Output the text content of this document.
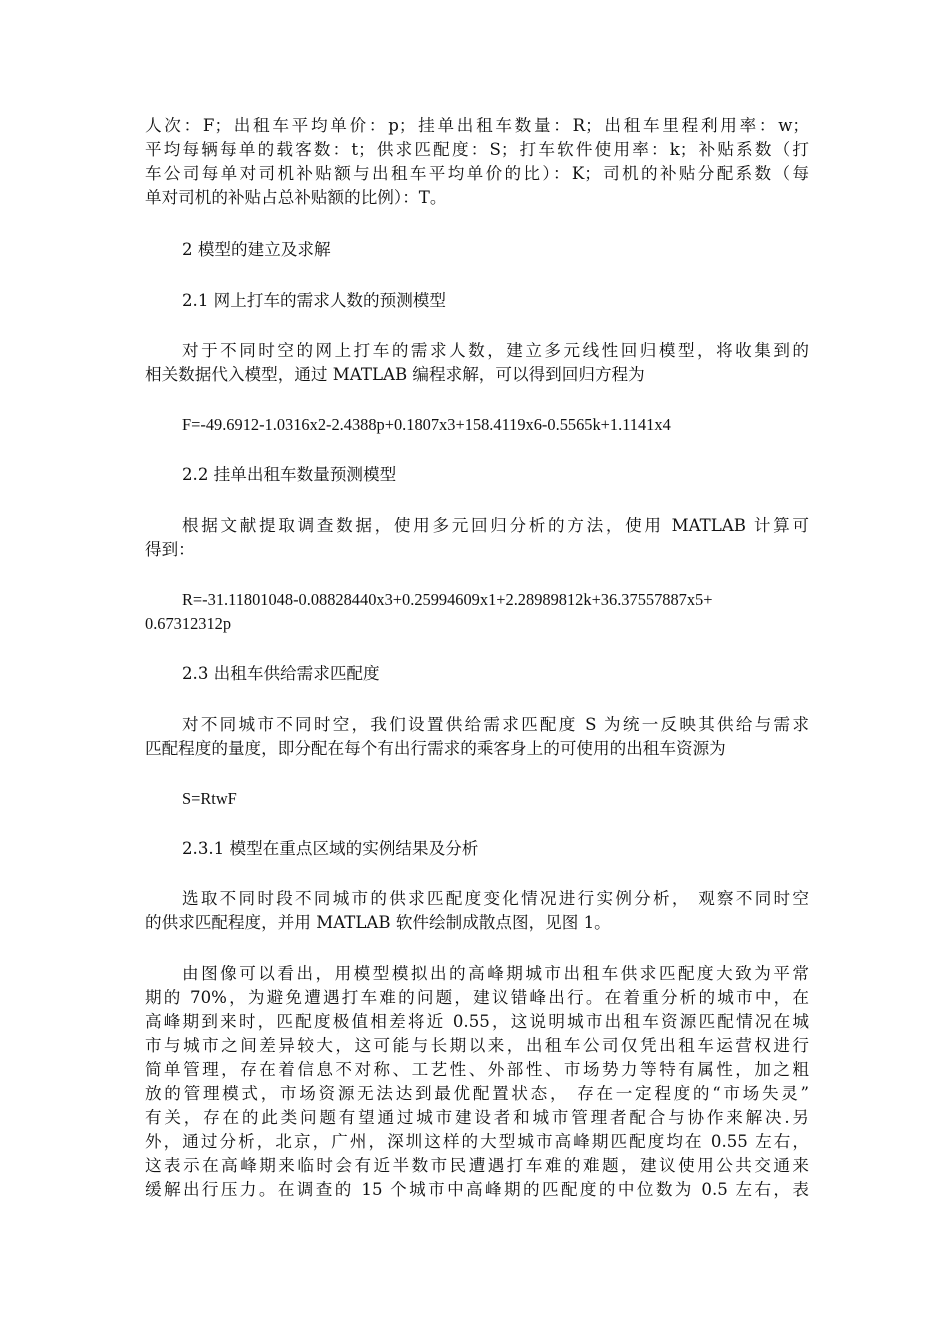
人次：F；出租车平均单价：p；挂单出租车数量：R；出租车里程利用率：w；
平均每辆每单的载客数：t；供求匹配度：S；打车软件使用率：k；补贴系数（打
车公司每单对司机补贴额与出租车平均单价的比）：K；司机的补贴分配系数（每
单对司机的补贴占总补贴额的比例）：T。
2 模型的建立及求解
2.1 网上打车的需求人数的预测模型
对于不同时空的网上打车的需求人数，建立多元线性回归模型，将收集到的
相关数据代入模型，通过 MATLAB 编程求解，可以得到回归方程为
F=-49.6912-1.0316x2-2.4388p+0.1807x3+158.4119x6-0.5565k+1.1141x4
2.2 挂单出租车数量预测模型
根据文献提取调查数据，使用多元回归分析的方法，使用 MATLAB 计算可
得到：
R=-31.11801048-0.08828440x3+0.25994609x1+2.28989812k+36.37557887x5+
0.67312312p
2.3 出租车供给需求匹配度
对不同城市不同时空，我们设置供给需求匹配度 S 为统一反映其供给与需求
匹配程度的量度，即分配在每个有出行需求的乘客身上的可使用的出租车资源为
S=RtwF
2.3.1 模型在重点区域的实例结果及分析
选取不同时段不同城市的供求匹配度变化情况进行实例分析， 观察不同时空
的供求匹配程度，并用 MATLAB 软件绘制成散点图，见图 1。
由图像可以看出，用模型模拟出的高峰期城市出租车供求匹配度大致为平常
期的 70%，为避免遭遇打车难的问题，建议错峰出行。在着重分析的城市中，在
高峰期到来时，匹配度极值相差将近 0.55，这说明城市出租车资源匹配情况在城
市与城市之间差异较大，这可能与长期以来，出租车公司仅凭出租车运营权进行
简单管理，存在着信息不对称、工艺性、外部性、市场势力等特有属性，加之粗
放的管理模式，市场资源无法达到最优配置状态， 存在一定程度的“市场失灵”
有关，存在的此类问题有望通过城市建设者和城市管理者配合与协作来解决.另
外，通过分析，北京，广州，深圳这样的大型城市高峰期匹配度均在 0.55 左右，
这表示在高峰期来临时会有近半数市民遭遇打车难的难题，建议使用公共交通来
缓解出行压力。在调查的 15 个城市中高峰期的匹配度的中位数为 0.5 左右，表
